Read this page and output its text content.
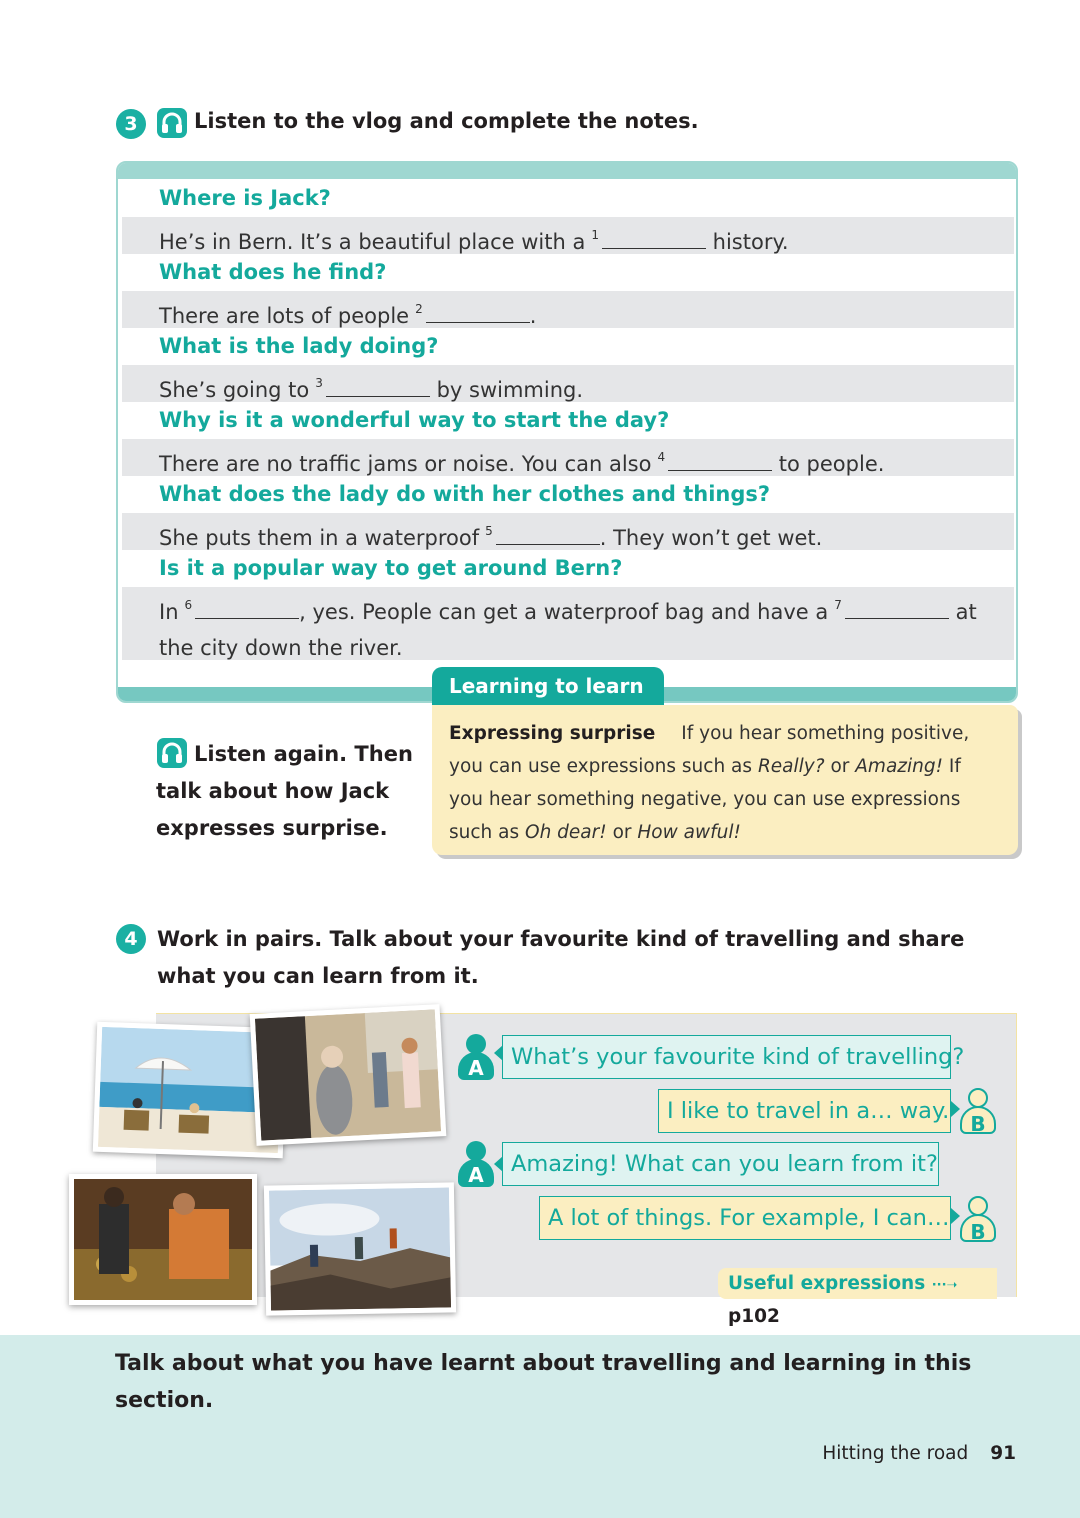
3	Listen to the vlog and complete the notes.
Where is Jack?
He’s in Bern. It’s a beautiful place with a $^1$	history.
What does he find?
There are lots of people $^2$	.
What is the lady doing?
She’s going to $^3$	by swimming.
Why is it a wonderful way to start the day?
There are no traffic jams or noise. You can also $^4$	to people.
What does the lady do with her clothes and things?
She puts them in a waterproof $^5$	. They won’t get wet.
Is it a popular way to get around Bern?
In $^6$	, yes. People can get a waterproof bag and have a $^7$	at
the city down the river.
Learning to learn
Expressing surprise If you hear something positive, you can use expressions such as Really? or Amazing! If you hear something negative, you can use expressions such as Oh dear! or How awful!
Listen again. Then talk about how Jack expresses surprise.
4 Work in pairs. Talk about your favourite kind of travelling and share what you can learn from it.
A	What’s your favourite kind of travelling?
I like to travel in a… way.	B
A	Amazing! What can you learn from it?
A lot of things. For example, I can…
B
Useful expressions ···➝ p102
Talk about what you have learnt about travelling and learning in this section.
Hitting the road 91
